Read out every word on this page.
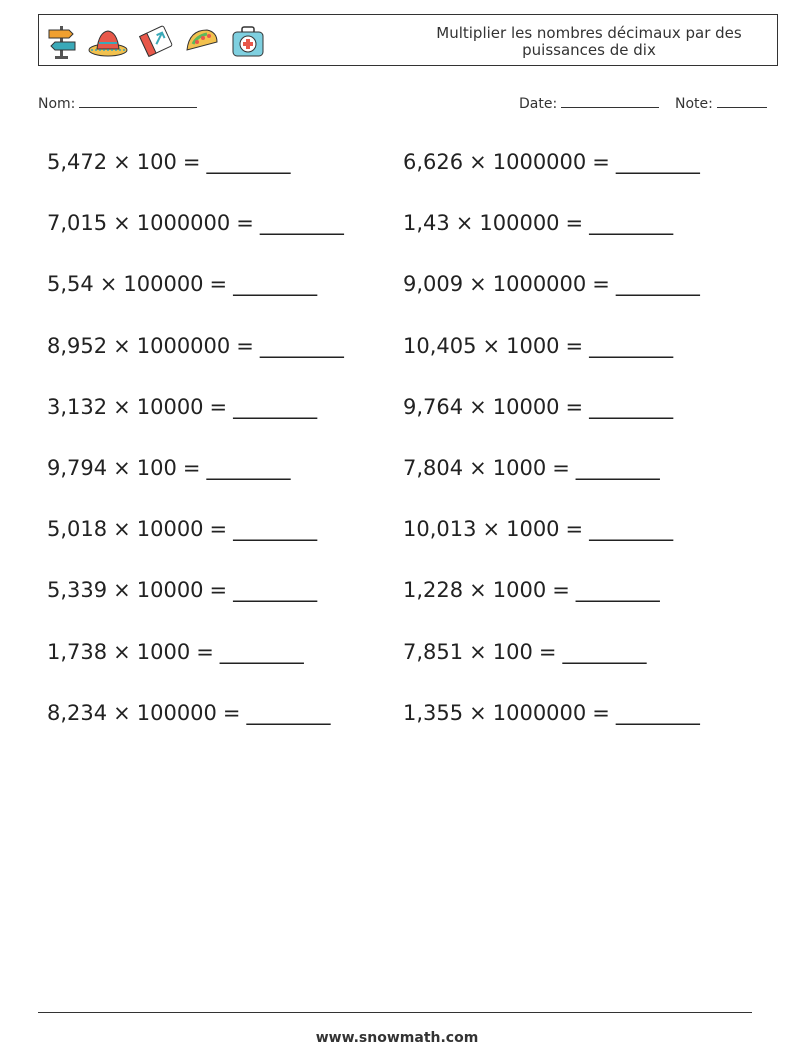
Multiplier les nombres décimaux par des puissances de dix
Nom:	Date:	Note:
5,472 × 100 = ________	6,626 × 1000000 = ________
7,015 × 1000000 = ________	1,43 × 100000 = ________
5,54 × 100000 = ________	9,009 × 1000000 = ________
8,952 × 1000000 = ________	10,405 × 1000 = ________
3,132 × 10000 = ________	9,764 × 10000 = ________
9,794 × 100 = ________	7,804 × 1000 = ________
5,018 × 10000 = ________	10,013 × 1000 = ________
5,339 × 10000 = ________	1,228 × 1000 = ________
1,738 × 1000 = ________	7,851 × 100 = ________
8,234 × 100000 = ________	1,355 × 1000000 = ________
www.snowmath.com
